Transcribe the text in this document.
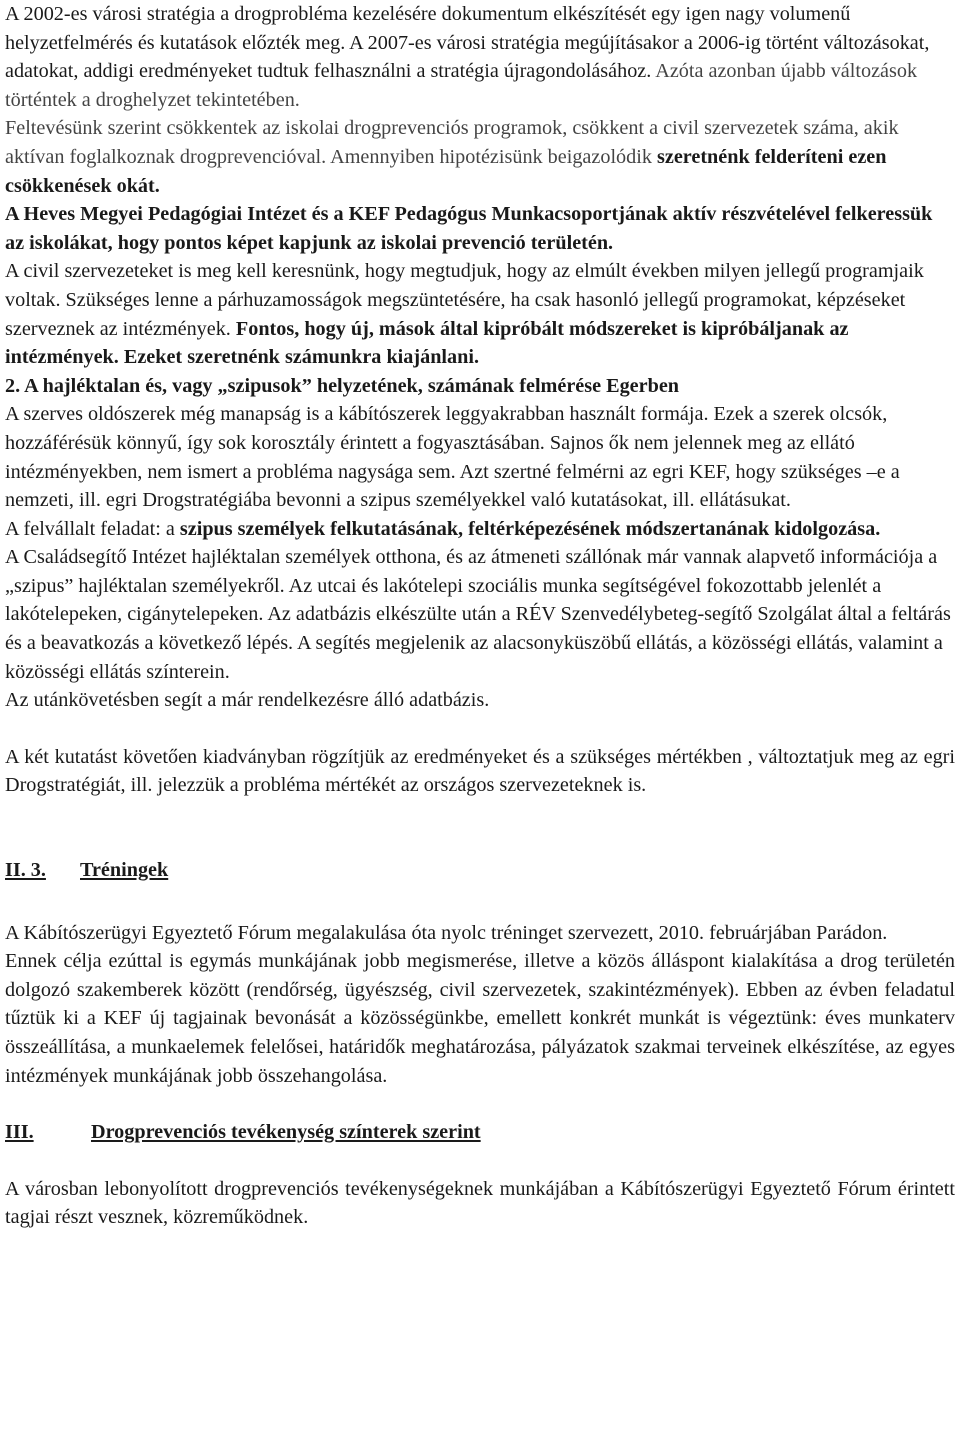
A 2002-es városi stratégia a drogprobléma kezelésére dokumentum elkészítését egy igen nagy volumenű helyzetfelmérés és kutatások előzték meg. A 2007-es városi stratégia megújításakor a 2006-ig történt változásokat, adatokat, addigi eredményeket tudtuk felhasználni a stratégia újragondolásához. Azóta azonban újabb változások történtek a droghelyzet tekintetében.

Feltevésünk szerint csökkentek az iskolai drogprevenciós programok, csökkent a civil szervezetek száma, akik aktívan foglalkoznak drogprevencióval. Amennyiben hipotézisünk beigazolódik szeretnénk felderíteni ezen csökkenések okát.

A Heves Megyei Pedagógiai Intézet és a KEF Pedagógus Munkacsoportjának aktív részvételével felkeressük az iskolákat, hogy pontos képet kapjunk az iskolai prevenció területén.

A civil szervezeteket is meg kell keresnünk, hogy megtudjuk, hogy az elmúlt években milyen jellegű programjaik voltak. Szükséges lenne a párhuzamosságok megszüntetésére, ha csak hasonló jellegű programokat, képzéseket szerveznek az intézmények. Fontos, hogy új, mások által kipróbált módszereket is kipróbáljanak az intézmények. Ezeket szeretnénk számunkra kiajánlani.

2. A hajléktalan és, vagy „szipusok” helyzetének, számának felmérése Egerben

A szerves oldószerek még manapság is a kábítószerek leggyakrabban használt formája. Ezek a szerek olcsók, hozzáférésük könnyű, így sok korosztály érintett a fogyasztásában. Sajnos ők nem jelennek meg az ellátó intézményekben, nem ismert a probléma nagysága sem. Azt szertné felmérni az egri KEF, hogy szükséges –e a nemzeti, ill. egri Drogstratégiába bevonni a szipus személyekkel való kutatásokat, ill. ellátásukat.

A felvállalt feladat: a szipus személyek felkutatásának, feltérképezésének módszertanának kidolgozása.

A Családsegítő Intézet hajléktalan személyek otthona, és az átmeneti szállónak már vannak alapvető információja a „szipus” hajléktalan személyekről. Az utcai és lakótelepi szociális munka segítségével fokozottabb jelenlét a lakótelepeken, cigánytelepeken. Az adatbázis elkészülte után a RÉV Szenvedélybeteg-segítő Szolgálat által a feltárás és a beavatkozás a következő lépés. A segítés megjelenik az alacsonyküszöbű ellátás, a közösségi ellátás, valamint a közösségi ellátás színterein.

Az utánkövetésben segít a már rendelkezésre álló adatbázis.

A két kutatást követően kiadványban rögzítjük az eredményeket és a szükséges mértékben , változtatjuk meg az egri Drogstratégiát, ill. jelezzük a probléma mértékét az országos szervezeteknek is.

II. 3.	Tréningek

A Kábítószerügyi Egyeztető Fórum megalakulása óta nyolc tréninget szervezett, 2010. februárjában Parádon.

Ennek célja ezúttal is egymás munkájának jobb megismerése, illetve a közös álláspont kialakítása a drog területén dolgozó szakemberek között (rendőrség, ügyészség, civil szervezetek, szakintézmények). Ebben az évben feladatul tűztük ki a KEF új tagjainak bevonását a közösségünkbe, emellett konkrét munkát is végeztünk: éves munkaterv összeállítása, a munkaelemek felelősei, határidők meghatározása, pályázatok szakmai terveinek elkészítése, az egyes intézmények munkájának jobb összehangolása.

III.	Drogprevenciós tevékenység színterek szerint

A városban lebonyolított drogprevenciós tevékenységeknek munkájában a Kábítószerügyi Egyeztető Fórum érintett tagjai részt vesznek, közreműködnek.
